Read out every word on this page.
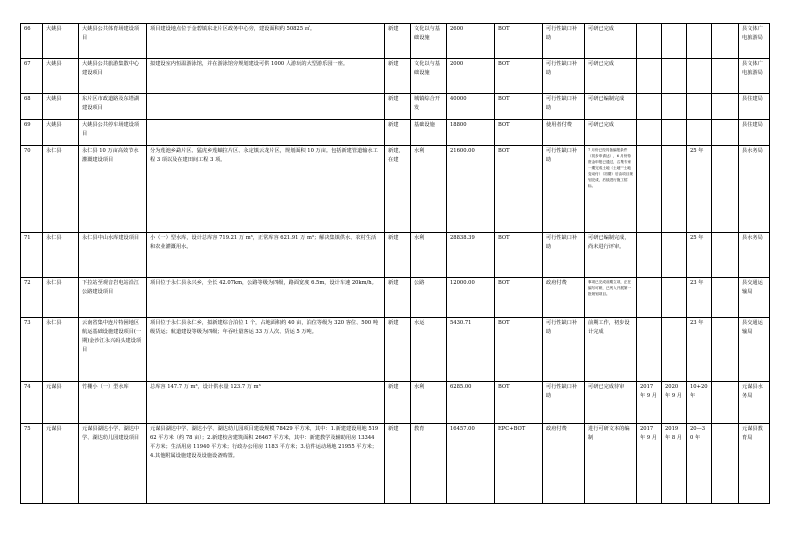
66	大姚县	大姚县公共体育场建设项目	项目建设地点位于金碧镇东北片区政务中心旁，建设面积约 50825 ㎡。	新建	文化以与基础设施	2600	BOT	可行性缺口补助	可研已完成					县文体广电旅游局
67	大姚县	大姚县公共旅游集散中心建设项目	拟建设室内恒温游泳馆，并在游泳馆旁规划建设可供 1000 人游玩的大型游乐园一座。	新建	文化以与基础设施	2000	BOT	可行性缺口补助	可研已完成					县文体广电旅游局
68	大姚县	东片区市政道路及东塔湖建设项目		新建	城镇综合开发	40000	BOT	可行性缺口补助	可研已编制完成					县住建局
69	大姚县	大姚县公共停车场建设项目		新建	基础设施	18800	BOT	使用者付费	可研已完成					县住建局
70	永仁县	永仁县 10 万亩高效节水灌溉建设项目	分为莲池乡勐片区、猛虎乡莲蚰拉片区、永定镇云龙片区，规划面积 10 万亩。包括新建管道输水工程 3 项以及在建田间工程 3 项。	新建，在建	水利	21600.00	BOT	可行性缺口补助	7 月份已经具备编报条件（初步申请达），6 月份待资金申报已通过，召集专家一期完成土地（土地""土地变动付）（初期）后由项目规划完成，后续进行施工招标。			25 年		县水务局
71	永仁县	永仁县中山水库建设项目	小（一）型水库，设计总库容 719.21 万 m³，正常库容 621.91 万 m³；解决集镇供水、农村生活和农业灌溉用水。	新建	水利	28838.39	BOT	可行性缺口补助	可研已编制完成，尚未进行评审。			25 年		县水务局
72	永仁县	下拉站至观音岩电站沿江公路建设项目	项目位于永仁县永兴乡，全长 42.07km，公路等级为四级，路面宽度 6.5m，设计车速 20km/h。	新建	公路	12000.00	BOT	政府付费	事项已完成前期立项，正在编写可研，已列入开展第一批规划项目。			23 年		县交通运输局
73	永仁县	云南省集中连片特困地区航运基础设施建设项目(一期)金沙江永兴码头建设项目	项目位于永仁县永仁乡，拟新建综合泊位 1 个，占地面积约 40 亩，泊位等级为 320 客位、500 吨级货运；航道建设等级为四级；年吞吐量客运 33 万人次、货运 5 万吨。	新建	水运	5430.71	BOT	可行性缺口补助	前期工作，初步设计完成			23 年		县交通运输局
74	元谋县	竹棚小（一）型水库	总库容 147.7 万 m³，设计供水量 123.7 万 m³	新建	水利	6285.00	BOT	可行性缺口补助	可研已完成待审	2017 年 9 月	2020 年 9 月	10+20 年		元谋县水务局
75	元谋县	元谋县湖达小学、湖达中学、湖达幼儿园建设项目	元谋县湖达中学、湖达小学、湖达幼儿园项目建设规模 78429 平方米，其中：1.新建建设用地 51962 平方米（约 78 亩）；2.新建校舍建筑面积 26467 平方米，其中：新建教学及辅助用房 13344 平方米；生活用房 11940 平方米；行政办公用房 1183 平方米；3.信件运动场地 21955 平方米；4.其他附属设施建设及设施设备购置。	新建	教育	16457.00	EPC+BOT	政府付费	进行可研文本的编制	2017 年 9 月	2019 年 8 月	20—30 年		元谋县教育局
